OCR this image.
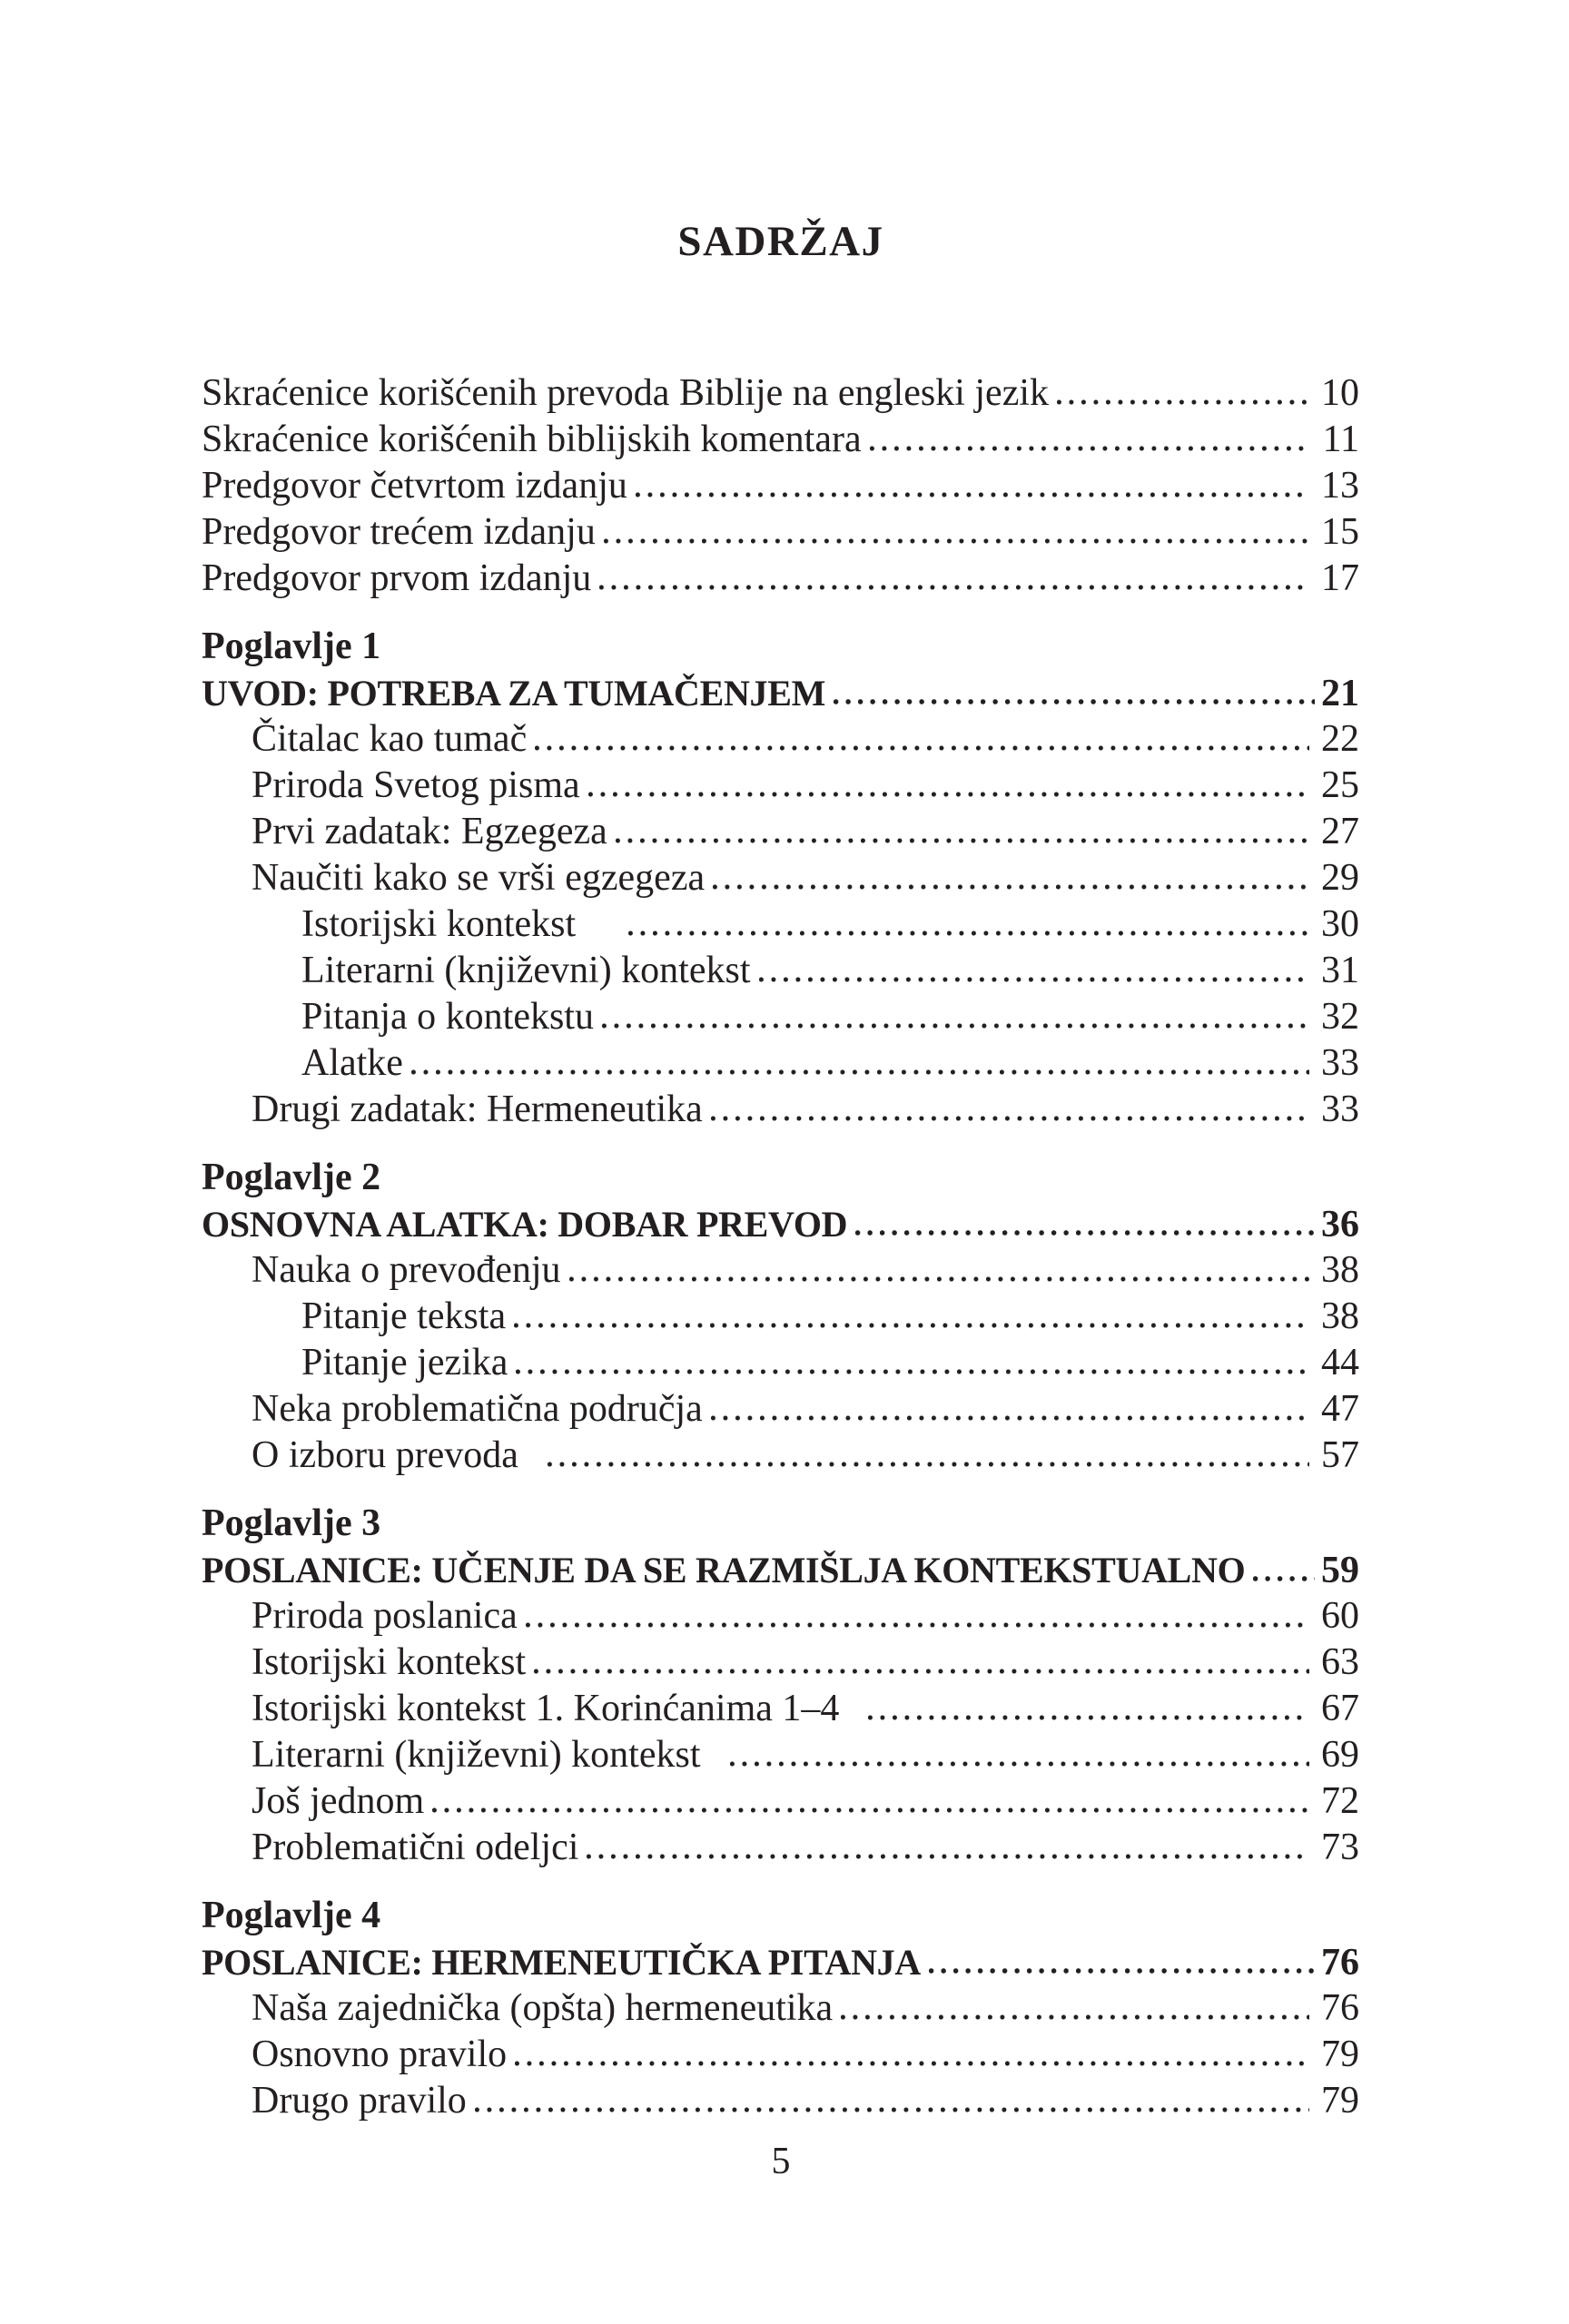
SADRŽAJ
Skraćenice korišćenih prevoda Biblije na engleski jezik	10
Skraćenice korišćenih biblijskih komentara	11
Predgovor četvrtom izdanju	13
Predgovor trećem izdanju	15
Predgovor prvom izdanju	17
Poglavlje 1
UVOD: POTREBA ZA TUMAČENJEM	21
Čitalac kao tumač	22
Priroda Svetog pisma	25
Prvi zadatak: Egzegeza	27
Naučiti kako se vrši egzegeza	29
Istorijski kontekst	30
Literarni (književni) kontekst	31
Pitanja o kontekstu	32
Alatke	33
Drugi zadatak: Hermeneutika	33
Poglavlje 2
OSNOVNA ALATKA: DOBAR PREVOD	36
Nauka o prevođenju	38
Pitanje teksta	38
Pitanje jezika	44
Neka problematična područja	47
O izboru prevoda	57
Poglavlje 3
POSLANICE: UČENJE DA SE RAZMIŠLJA KONTEKSTUALNO 59
Priroda poslanica	60
Istorijski kontekst	63
Istorijski kontekst 1. Korinćanima 1–4	67
Literarni (književni) kontekst	69
Još jednom	72
Problematični odeljci	73
Poglavlje 4
POSLANICE: HERMENEUTIČKA PITANJA	76
Naša zajednička (opšta) hermeneutika	76
Osnovno pravilo	79
Drugo pravilo	79
5
